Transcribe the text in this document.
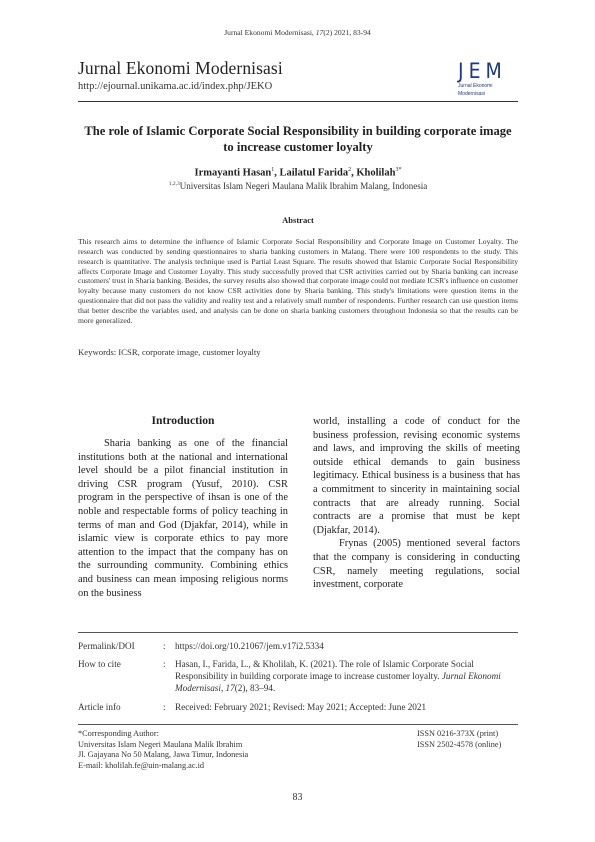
Jurnal Ekonomi Modernisasi, 17(2) 2021, 83-94
Jurnal Ekonomi Modernisasi
http://ejournal.unikama.ac.id/index.php/JEKO
JEM
Jurnal Ekonomi Modernisasi
The role of Islamic Corporate Social Responsibility in building corporate image to increase customer loyalty
Irmayanti Hasan$^1$, Lailatul Farida$^2$, Kholilah$^{3*}$
$^{1,2,3}$Universitas Islam Negeri Maulana Malik Ibrahim Malang, Indonesia
Abstract
This research aims to determine the influence of Islamic Corporate Social Responsibility and Corporate Image on Customer Loyalty. The research was conducted by sending questionnaires to sharia banking customers in Malang. There were 100 respondents to the study. This research is quantitative. The analysis technique used is Partial Least Square. The results showed that Islamic Corporate Social Responsibility affects Corporate Image and Customer Loyalty. This study successfully proved that CSR activities carried out by Sharia banking can increase customers' trust in Sharia banking. Besides, the survey results also showed that corporate image could not mediate ICSR's influence on customer loyalty because many customers do not know CSR activities done by Sharia banking. This study's limitations were question items in the questionnaire that did not pass the validity and reality test and a relatively small number of respondents. Further research can use question items that better describe the variables used, and analysis can be done on sharia banking customers throughout Indonesia so that the results can be more generalized.
Keywords: ICSR, corporate image, customer loyalty
Introduction

Sharia banking as one of the financial institutions both at the national and international level should be a pilot financial institution in driving CSR program (Yusuf, 2010). CSR program in the perspective of ihsan is one of the noble and respectable forms of policy teaching in terms of man and God (Djakfar, 2014), while in islamic view is corporate ethics to pay more attention to the impact that the company has on the surrounding community. Combining ethics and business can mean imposing religious norms on the business

world, installing a code of conduct for the business profession, revising economic systems and laws, and improving the skills of meeting outside ethical demands to gain business legitimacy. Ethical business is a business that has a commitment to sincerity in maintaining social contracts that are already running. Social contracts are a promise that must be kept (Djakfar, 2014).

Frynas (2005) mentioned several factors that the company is considering in conducting CSR, namely meeting regulations, social investment, corporate

Permalink/DOI	:	https://doi.org/10.21067/jem.v17i2.5334
How to cite	:	Hasan, I., Farida, L., & Kholilah, K. (2021). The role of Islamic Corporate Social Responsibility in building corporate image to increase customer loyalty. Jurnal Ekonomi Modernisasi, 17(2), 83–94.
Article info	:	Received: February 2021; Revised: May 2021; Accepted: June 2021
*Corresponding Author:
Universitas Islam Negeri Maulana Malik Ibrahim
Jl. Gajayana No 50 Malang, Jawa Timur, Indonesia
E-mail: kholilah.fe@uin-malang.ac.id
ISSN 0216-373X (print)
ISSN 2502-4578 (online)
83
